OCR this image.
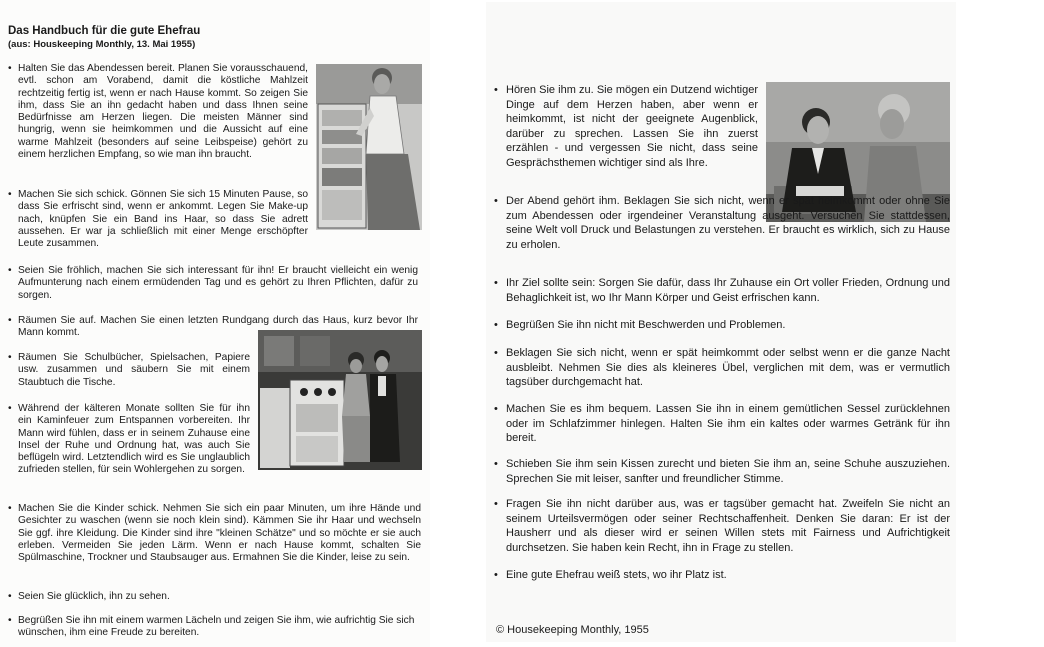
Das Handbuch für die gute Ehefrau
(aus: Houskeeping Monthly, 13. Mai 1955)
• Halten Sie das Abendessen bereit. Planen Sie vorausschauend, evtl. schon am Vorabend, damit die köstliche Mahlzeit rechtzeitig fertig ist, wenn er nach Hause kommt. So zeigen Sie ihm, dass Sie an ihn gedacht haben und dass Ihnen seine Bedürfnisse am Herzen liegen. Die meisten Männer sind hungrig, wenn sie heimkommen und die Aussicht auf eine warme Mahlzeit (besonders auf seine Leibspeise) gehört zu einem herzlichen Empfang, so wie man ihn braucht.
• Machen Sie sich schick. Gönnen Sie sich 15 Minuten Pause, so dass Sie erfrischt sind, wenn er ankommt. Legen Sie Make-up nach, knüpfen Sie ein Band ins Haar, so dass Sie adrett aussehen. Er war ja schließlich mit einer Menge erschöpfter Leute zusammen.
• Seien Sie fröhlich, machen Sie sich interessant für ihn! Er braucht vielleicht ein wenig Aufmunterung nach einem ermüdenden Tag und es gehört zu Ihren Pflichten, dafür zu sorgen.
• Räumen Sie auf. Machen Sie einen letzten Rundgang durch das Haus, kurz bevor Ihr Mann kommt.
• Räumen Sie Schulbücher, Spielsachen, Papiere usw. zusammen und säubern Sie mit einem Staubtuch die Tische.
• Während der kälteren Monate sollten Sie für ihn ein Kaminfeuer zum Entspannen vorbereiten. Ihr Mann wird fühlen, dass er in seinem Zuhause eine Insel der Ruhe und Ordnung hat, was auch Sie beflügeln wird. Letztendlich wird es Sie unglaublich zufrieden stellen, für sein Wohlergehen zu sorgen.
• Machen Sie die Kinder schick. Nehmen Sie sich ein paar Minuten, um ihre Hände und Gesichter zu waschen (wenn sie noch klein sind). Kämmen Sie ihr Haar und wechseln Sie ggf. ihre Kleidung. Die Kinder sind ihre "kleinen Schätze" und so möchte er sie auch erleben. Vermeiden Sie jeden Lärm. Wenn er nach Hause kommt, schalten Sie Spülmaschine, Trockner und Staubsauger aus. Ermahnen Sie die Kinder, leise zu sein.
• Seien Sie glücklich, ihn zu sehen.
• Begrüßen Sie ihn mit einem warmen Lächeln und zeigen Sie ihm, wie aufrichtig Sie sich wünschen, ihm eine Freude zu bereiten.
• Hören Sie ihm zu. Sie mögen ein Dutzend wichtiger Dinge auf dem Herzen haben, aber wenn er heimkommt, ist nicht der geeignete Augenblick, darüber zu sprechen. Lassen Sie ihn zuerst erzählen - und vergessen Sie nicht, dass seine Gesprächsthemen wichtiger sind als Ihre.
• Der Abend gehört ihm. Beklagen Sie sich nicht, wenn er spät heimkommt oder ohne Sie zum Abendessen oder irgendeiner Veranstaltung ausgeht. Versuchen Sie stattdessen, seine Welt voll Druck und Belastungen zu verstehen. Er braucht es wirklich, sich zu Hause zu erholen.
• Ihr Ziel sollte sein: Sorgen Sie dafür, dass Ihr Zuhause ein Ort voller Frieden, Ordnung und Behaglichkeit ist, wo Ihr Mann Körper und Geist erfrischen kann.
• Begrüßen Sie ihn nicht mit Beschwerden und Problemen.
• Beklagen Sie sich nicht, wenn er spät heimkommt oder selbst wenn er die ganze Nacht ausbleibt. Nehmen Sie dies als kleineres Übel, verglichen mit dem, was er vermutlich tagsüber durchgemacht hat.
• Machen Sie es ihm bequem. Lassen Sie ihn in einem gemütlichen Sessel zurücklehnen oder im Schlafzimmer hinlegen. Halten Sie ihm ein kaltes oder warmes Getränk für ihn bereit.
• Schieben Sie ihm sein Kissen zurecht und bieten Sie ihm an, seine Schuhe auszuziehen. Sprechen Sie mit leiser, sanfter und freundlicher Stimme.
• Fragen Sie ihn nicht darüber aus, was er tagsüber gemacht hat. Zweifeln Sie nicht an seinem Urteilsvermögen oder seiner Rechtschaffenheit. Denken Sie daran: Er ist der Hausherr und als dieser wird er seinen Willen stets mit Fairness und Aufrichtigkeit durchsetzen. Sie haben kein Recht, ihn in Frage zu stellen.
• Eine gute Ehefrau weiß stets, wo ihr Platz ist.
© Housekeeping Monthly, 1955
